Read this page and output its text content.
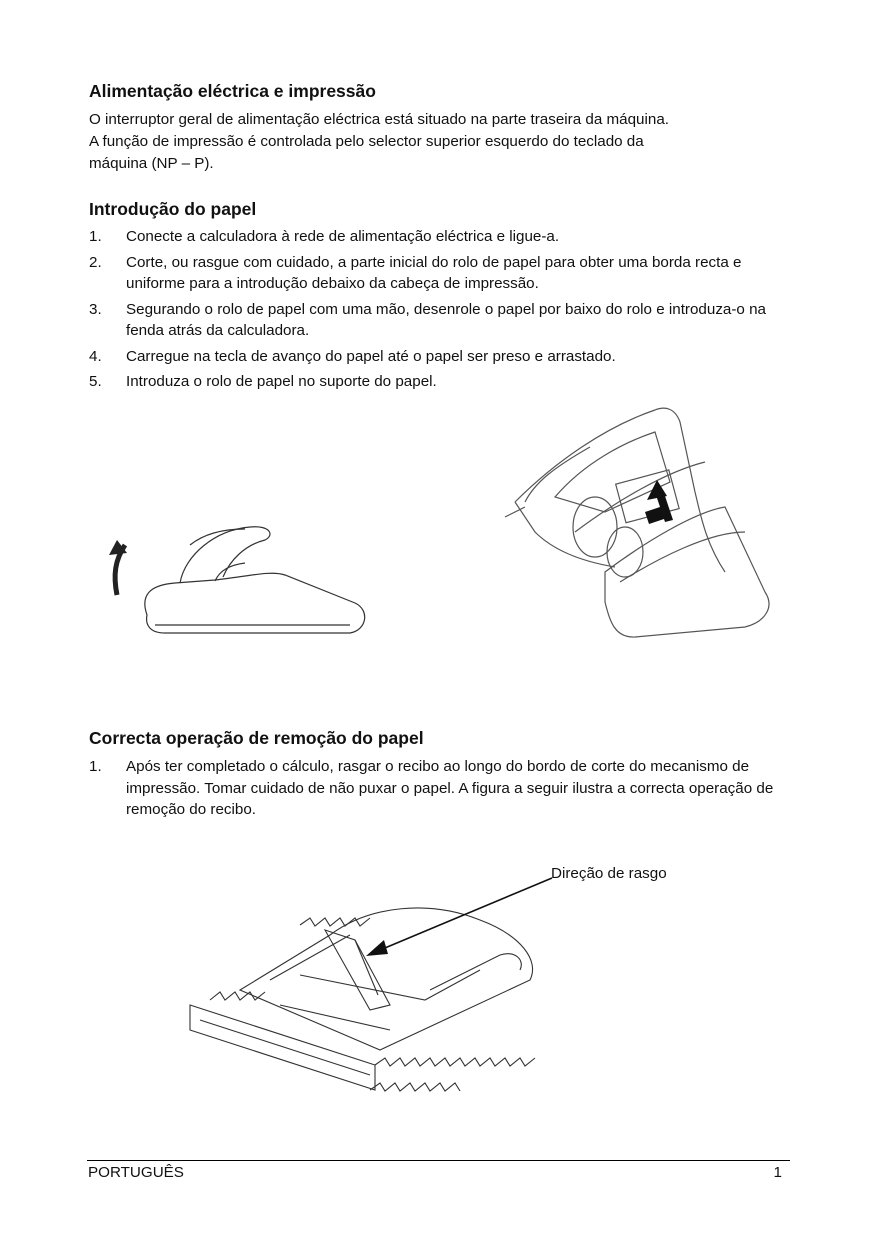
Alimentação eléctrica e impressão
O interruptor geral de alimentação eléctrica está situado na parte traseira da máquina.
A função de impressão é controlada pelo selector superior esquerdo do teclado da
máquina (NP – P).
Introdução do papel
1. Conecte a calculadora à rede de alimentação eléctrica e ligue-a.
2. Corte, ou rasgue com cuidado, a parte inicial do rolo de papel para obter uma borda recta e uniforme para a introdução debaixo da cabeça de impressão.
3. Segurando o rolo de papel com uma mão, desenrole o papel por baixo do rolo e introduza-o na fenda atrás da calculadora.
4. Carregue na tecla de avanço do papel até o papel ser preso e arrastado.
5. Introduza o rolo de papel no suporte do papel.
Correcta operação de remoção do papel
1. Após ter completado o cálculo, rasgar o recibo ao longo do bordo de corte do mecanismo de impressão. Tomar cuidado de não puxar o papel. A figura a seguir ilustra a correcta operação de remoção do recibo.
Direção de rasgo
PORTUGUÊS	1
